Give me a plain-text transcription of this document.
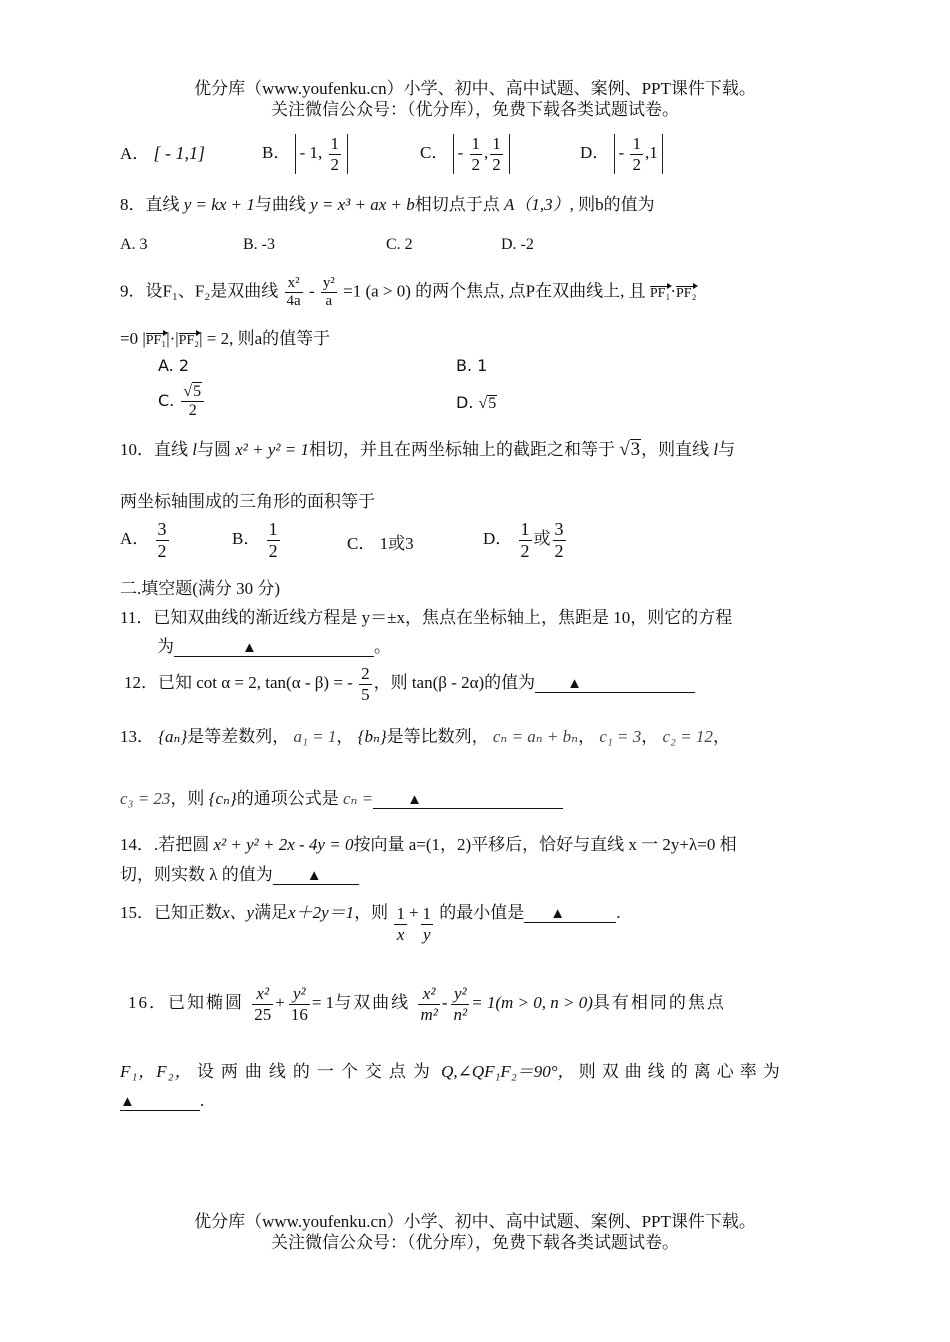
优分库（www.youfenku.cn）小学、初中、高中试题、案例、PPT课件下载。
关注微信公众号：（优分库），免费下载各类试题试卷。
A． [ - 1,1]	B． - 1, $\frac{1}{2}$	C． - $\frac{1}{2}$ , $\frac{1}{2}$	D． - $\frac{1}{2} ,1$
8．直线 y = kx + 1与曲线 y = x³ + ax + b相切点于点 A（1,3）, 则b的值为
A. 3	B. -3	C. 2	D. -2
9．设F₁、F₂是双曲线 $\frac{\text{x²}}{4a} - \frac{\text{y²}}{a} =1$ (a > 0) 的两个焦点, 点P在双曲线上, 且 PF₁·PF₂
=0 |PF₁|·|PF₂| = 2, 则a的值等于
A. 2	B. 1
C. $\frac{√5}{2}$	D. √5
10．直线 l与圆 x² + y² = 1相切，并且在两坐标轴上的截距之和等于 √3，则直线 l与
两坐标轴围成的三角形的面积等于
A． $\frac{3}{2}$	B． $\frac{1}{2}$	C． 1或3	D． $\frac{1}{2}$ 或 $\frac{3}{2}$
二.填空题(满分 30 分)
11．已知双曲线的渐近线方程是 y＝±x，焦点在坐标轴上，焦距是 10，则它的方程
为	▲	。
12．已知 cot α = 2, tan(α - β) = - $\frac{2}{5}$ ，则 tan(β - 2α)的值为 ▲
13． {aₙ}是等差数列， a₁ = 1， {bₙ}是等比数列， cₙ = aₙ + bₙ， c₁ = 3， c₂ = 12，
c₃ = 23，则 {cₙ}的通项公式是 cₙ = ▲
14．.若把圆 x² + y² + 2x - 4y = 0按向量 a=(1，2)平移后，恰好与直线 x 一 2y+λ=0 相
切，则实数 λ 的值为 ▲
15．已知正数x、y满足x＋2y＝1，则 $\frac{1}{x} + \frac{1}{y}$ 的最小值是 ▲	.
16．已知椭圆 $\frac{\text{x²}}{25} + \frac{\text{y²}}{16} = 1$与双曲线 $\frac{\text{x²}}{\text{m²}} - \frac{\text{y²}}{\text{n²}} = 1(m > 0$, n > 0)具有相同的焦点
F₁，F₂， 设两曲线的一个交点为 Q,∠QF₁F₂＝90°， 则双曲线的离心率为
▲	.
优分库（www.youfenku.cn）小学、初中、高中试题、案例、PPT课件下载。
关注微信公众号：（优分库），免费下载各类试题试卷。
